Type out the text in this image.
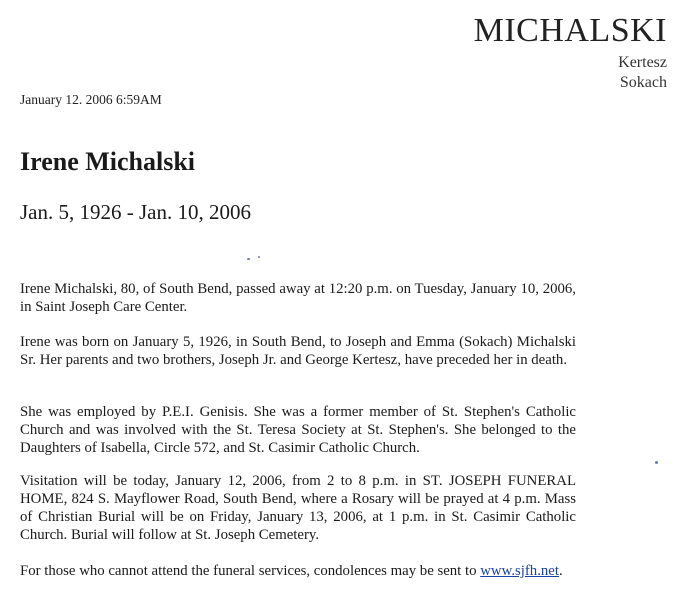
MICHALSKI
Kertesz
Sokach
January 12. 2006 6:59AM
Irene Michalski
Jan. 5, 1926 - Jan. 10, 2006
Irene Michalski, 80, of South Bend, passed away at 12:20 p.m. on Tuesday, January 10, 2006, in Saint Joseph Care Center.
Irene was born on January 5, 1926, in South Bend, to Joseph and Emma (Sokach) Michalski Sr. Her parents and two brothers, Joseph Jr. and George Kertesz, have preceded her in death.
She was employed by P.E.I. Genisis. She was a former member of St. Stephen's Catholic Church and was involved with the St. Teresa Society at St. Stephen's. She belonged to the Daughters of Isabella, Circle 572, and St. Casimir Catholic Church.
Visitation will be today, January 12, 2006, from 2 to 8 p.m. in ST. JOSEPH FUNERAL HOME, 824 S. Mayflower Road, South Bend, where a Rosary will be prayed at 4 p.m. Mass of Christian Burial will be on Friday, January 13, 2006, at 1 p.m. in St. Casimir Catholic Church. Burial will follow at St. Joseph Cemetery.
For those who cannot attend the funeral services, condolences may be sent to www.sjfh.net.
